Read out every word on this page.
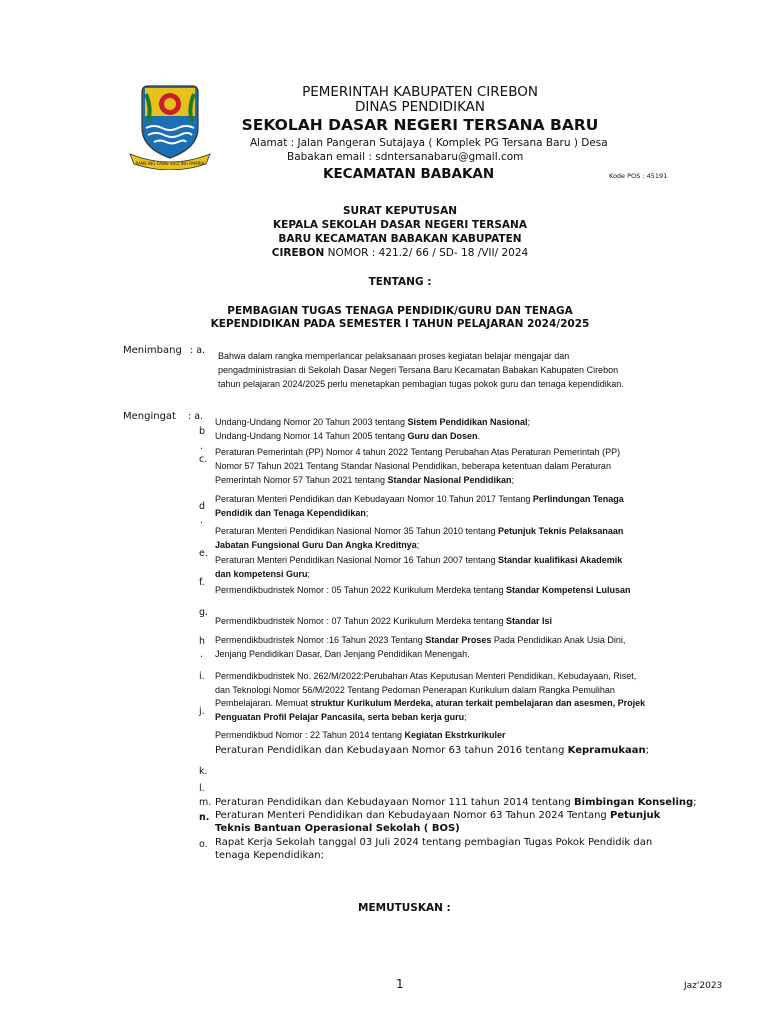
RAME ING GAWE SUCI ING PAMRIH
PEMERINTAH KABUPATEN CIREBON
DINAS PENDIDIKAN
SEKOLAH DASAR NEGERI TERSANA BARU
Alamat : Jalan Pangeran Sutajaya ( Komplek PG Tersana Baru ) Desa
Babakan email : sdntersanabaru@gmail.com
KECAMATAN BABAKAN	Kode POS : 45191
SURAT KEPUTUSAN
KEPALA SEKOLAH DASAR NEGERI TERSANA
BARU KECAMATAN BABAKAN KABUPATEN
CIREBON NOMOR : 421.2/ 66 / SD- 18 /VII/ 2024
TENTANG :
PEMBAGIAN TUGAS TENAGA PENDIDIK/GURU DAN TENAGA
KEPENDIDIKAN PADA SEMESTER I TAHUN PELAJARAN 2024/2025
Menimbang : a. Bahwa dalam rangka memperlancar pelaksanaan proses kegiatan belajar mengajar dan
pengadministrasian di Sekolah Dasar Negeri Tersana Baru Kecamatan Babakan Kabupaten Cirebon
tahun pelajaran 2024/2025 perlu menetapkan pembagian tugas pokok guru dan tenaga kependidikan.
Mengingat : a.
b
.
c.
d
.
e.
f.
g.
h
.
i.
j.
k.
l.
m.
n.
o.
Undang-Undang Nomor 20 Tahun 2003 tentang Sistem Pendidikan Nasional;
Undang-Undang Nomor 14 Tahun 2005 tentang Guru dan Dosen.
Peraturan Pemerintah (PP) Nomor 4 tahun 2022 Tentang Perubahan Atas Peraturan Pemerintah (PP)
Nomor 57 Tahun 2021 Tentang Standar Nasional Pendidikan, beberapa ketentuan dalam Peraturan
Pemerintah Nomor 57 Tahun 2021 tentang Standar Nasional Pendidikan;
Peraturan Menteri Pendidikan dan Kebudayaan Nomor 10 Tahun 2017 Tentang Perlindungan Tenaga
Pendidik dan Tenaga Kependidikan;
Peraturan Menteri Pendidikan Nasional Nomor 35 Tahun 2010 tentang Petunjuk Teknis Pelaksanaan
Jabatan Fungsional Guru Dan Angka Kreditnya;
Peraturan Menteri Pendidikan Nasional Nomor 16 Tahun 2007 tentang Standar kualifikasi Akademik
dan kompetensi Guru;
Permendikbudristek Nomor : 05 Tahun 2022 Kurikulum Merdeka tentang Standar Kompetensi Lulusan
Permendikbudristek Nomor : 07 Tahun 2022 Kurikulum Merdeka tentang Standar Isi
Permendikbudristek Nomor :16 Tahun 2023 Tentang Standar Proses Pada Pendidikan Anak Usia Dini,
Jenjang Pendidikan Dasar, Dan Jenjang Pendidikan Menengah.
Permendikbudristek No. 262/M/2022:Perubahan Atas Keputusan Menteri Pendidikan, Kebudayaan, Riset,
dan Teknologi Nomor 56/M/2022 Tentang Pedoman Penerapan Kurikulum dalam Rangka Pemulihan
Pembelajaran. Memuat struktur Kurikulum Merdeka, aturan terkait pembelajaran dan asesmen, Projek
Penguatan Profil Pelajar Pancasila, serta beban kerja guru;
Permendikbud Nomor : 22 Tahun 2014 tentang Kegiatan Ekstrkurikuler
Peraturan Pendidikan dan Kebudayaan Nomor 63 tahun 2016 tentang Kepramukaan;
Peraturan Pendidikan dan Kebudayaan Nomor 111 tahun 2014 tentang Bimbingan Konseling;
Peraturan Menteri Pendidikan dan Kebudayaan Nomor 63 Tahun 2024 Tentang Petunjuk
Teknis Bantuan Operasional Sekolah ( BOS)
Rapat Kerja Sekolah tanggal 03 Juli 2024 tentang pembagian Tugas Pokok Pendidik dan
tenaga Kependidikan;
MEMUTUSKAN :
1	Jaz'2023
